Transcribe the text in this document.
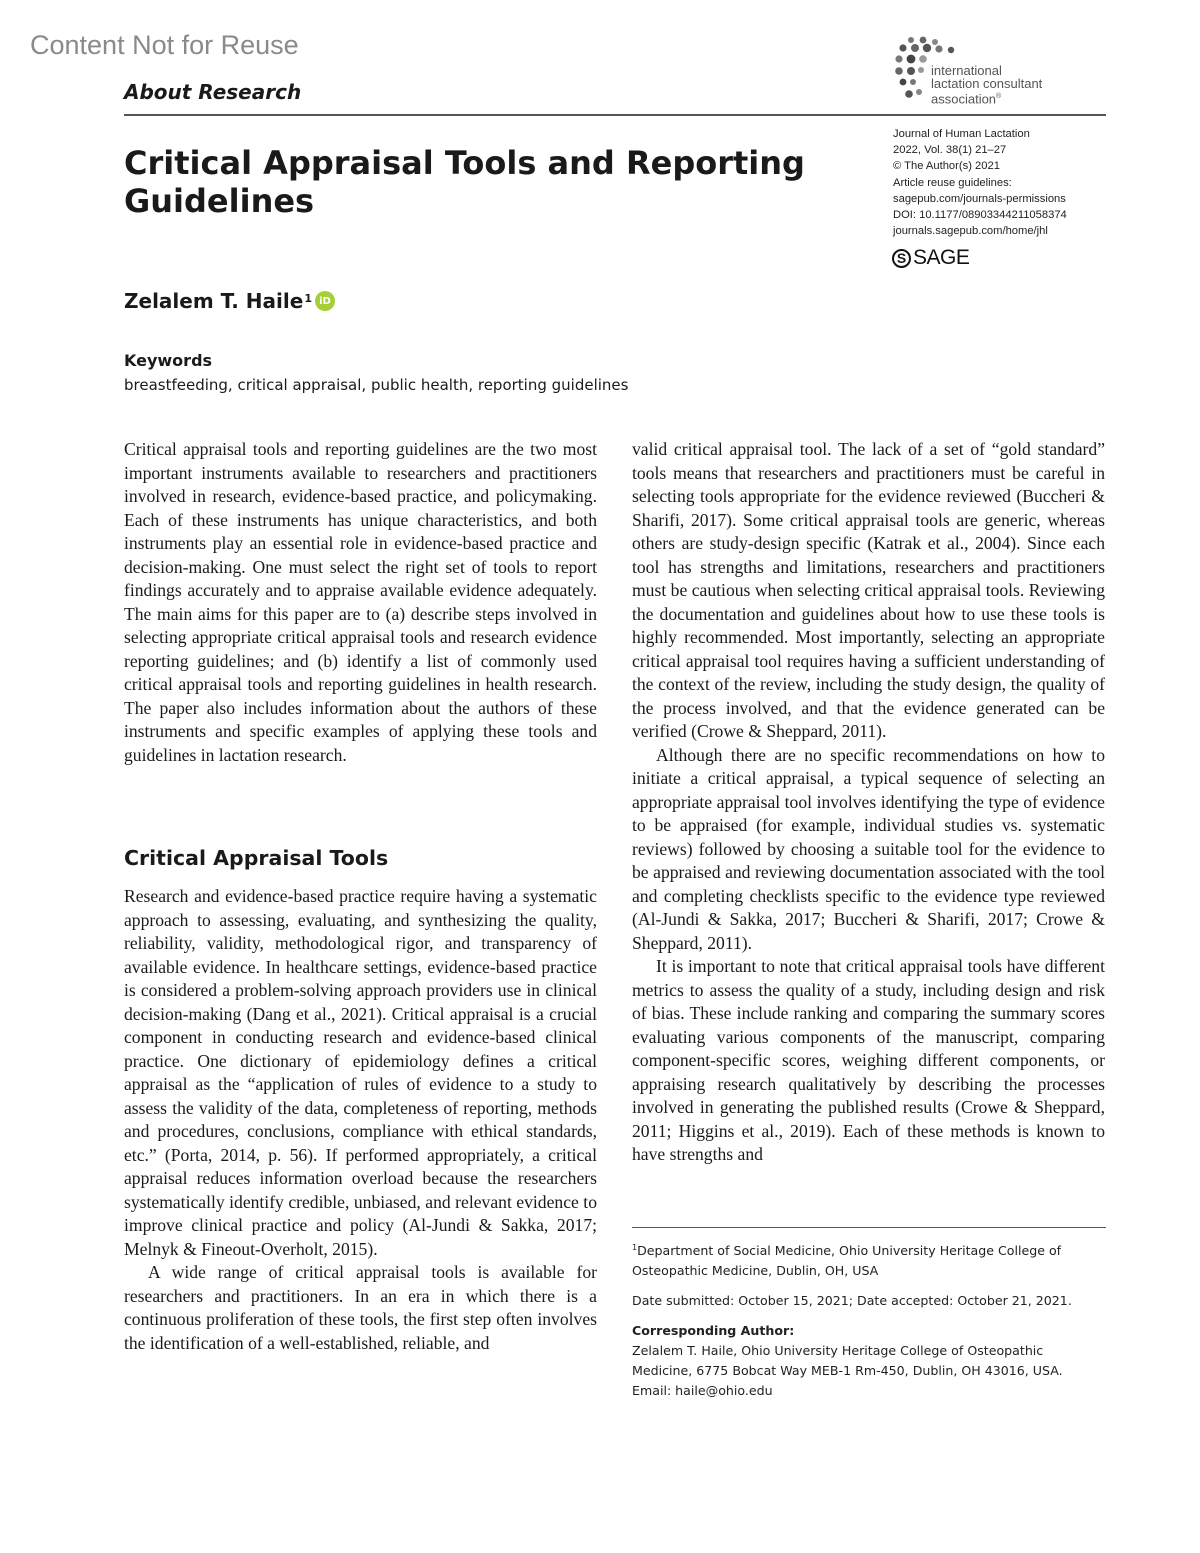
Content Not for Reuse
About Research
international
lactation consultant
association®
Journal of Human Lactation
2022, Vol. 38(1) 21–27
© The Author(s) 2021
Article reuse guidelines:
sagepub.com/journals-permissions
DOI: 10.1177/08903344211058374
journals.sagepub.com/home/jhl
S SAGE
Critical Appraisal Tools and Reporting Guidelines
Zelalem T. Haile$^1$ iD
Keywords
breastfeeding, critical appraisal, public health, reporting guidelines

Critical appraisal tools and reporting guidelines are the two most important instruments available to researchers and practitioners involved in research, evidence-based practice, and policymaking. Each of these instruments has unique characteristics, and both instruments play an essential role in evidence-based practice and decision-making. One must select the right set of tools to report findings accurately and to appraise available evidence adequately. The main aims for this paper are to (a) describe steps involved in selecting appropriate critical appraisal tools and research evidence reporting guidelines; and (b) identify a list of commonly used critical appraisal tools and reporting guidelines in health research. The paper also includes information about the authors of these instruments and specific examples of applying these tools and guidelines in lactation research.

Critical Appraisal Tools

Research and evidence-based practice require having a systematic approach to assessing, evaluating, and synthesizing the quality, reliability, validity, methodological rigor, and transparency of available evidence. In healthcare settings, evidence-based practice is considered a problem-solving approach providers use in clinical decision-making (Dang et al., 2021). Critical appraisal is a crucial component in conducting research and evidence-based clinical practice. One dictionary of epidemiology defines a critical appraisal as the “application of rules of evidence to a study to assess the validity of the data, completeness of reporting, methods and procedures, conclusions, compliance with ethical standards, etc.” (Porta, 2014, p. 56). If performed appropriately, a critical appraisal reduces information overload because the researchers systematically identify credible, unbiased, and relevant evidence to improve clinical practice and policy (Al-Jundi & Sakka, 2017; Melnyk & Fineout-Overholt, 2015).

A wide range of critical appraisal tools is available for researchers and practitioners. In an era in which there is a continuous proliferation of these tools, the first step often involves the identification of a well-established, reliable, and

valid critical appraisal tool. The lack of a set of “gold standard” tools means that researchers and practitioners must be careful in selecting tools appropriate for the evidence reviewed (Buccheri & Sharifi, 2017). Some critical appraisal tools are generic, whereas others are study-design specific (Katrak et al., 2004). Since each tool has strengths and limitations, researchers and practitioners must be cautious when selecting critical appraisal tools. Reviewing the documentation and guidelines about how to use these tools is highly recommended. Most importantly, selecting an appropriate critical appraisal tool requires having a sufficient understanding of the context of the review, including the study design, the quality of the process involved, and that the evidence generated can be verified (Crowe & Sheppard, 2011).

Although there are no specific recommendations on how to initiate a critical appraisal, a typical sequence of selecting an appropriate appraisal tool involves identifying the type of evidence to be appraised (for example, individual studies vs. systematic reviews) followed by choosing a suitable tool for the evidence to be appraised and reviewing documentation associated with the tool and completing checklists specific to the evidence type reviewed (Al-Jundi & Sakka, 2017; Buccheri & Sharifi, 2017; Crowe & Sheppard, 2011).

It is important to note that critical appraisal tools have different metrics to assess the quality of a study, including design and risk of bias. These include ranking and comparing the summary scores evaluating various components of the manuscript, comparing component-specific scores, weighing different components, or appraising research qualitatively by describing the processes involved in generating the published results (Crowe & Sheppard, 2011; Higgins et al., 2019). Each of these methods is known to have strengths and

$^1$Department of Social Medicine, Ohio University Heritage College of Osteopathic Medicine, Dublin, OH, USA

Date submitted: October 15, 2021; Date accepted: October 21, 2021.

Corresponding Author:

Zelalem T. Haile, Ohio University Heritage College of Osteopathic Medicine, 6775 Bobcat Way MEB-1 Rm-450, Dublin, OH 43016, USA.

Email: haile@ohio.edu
